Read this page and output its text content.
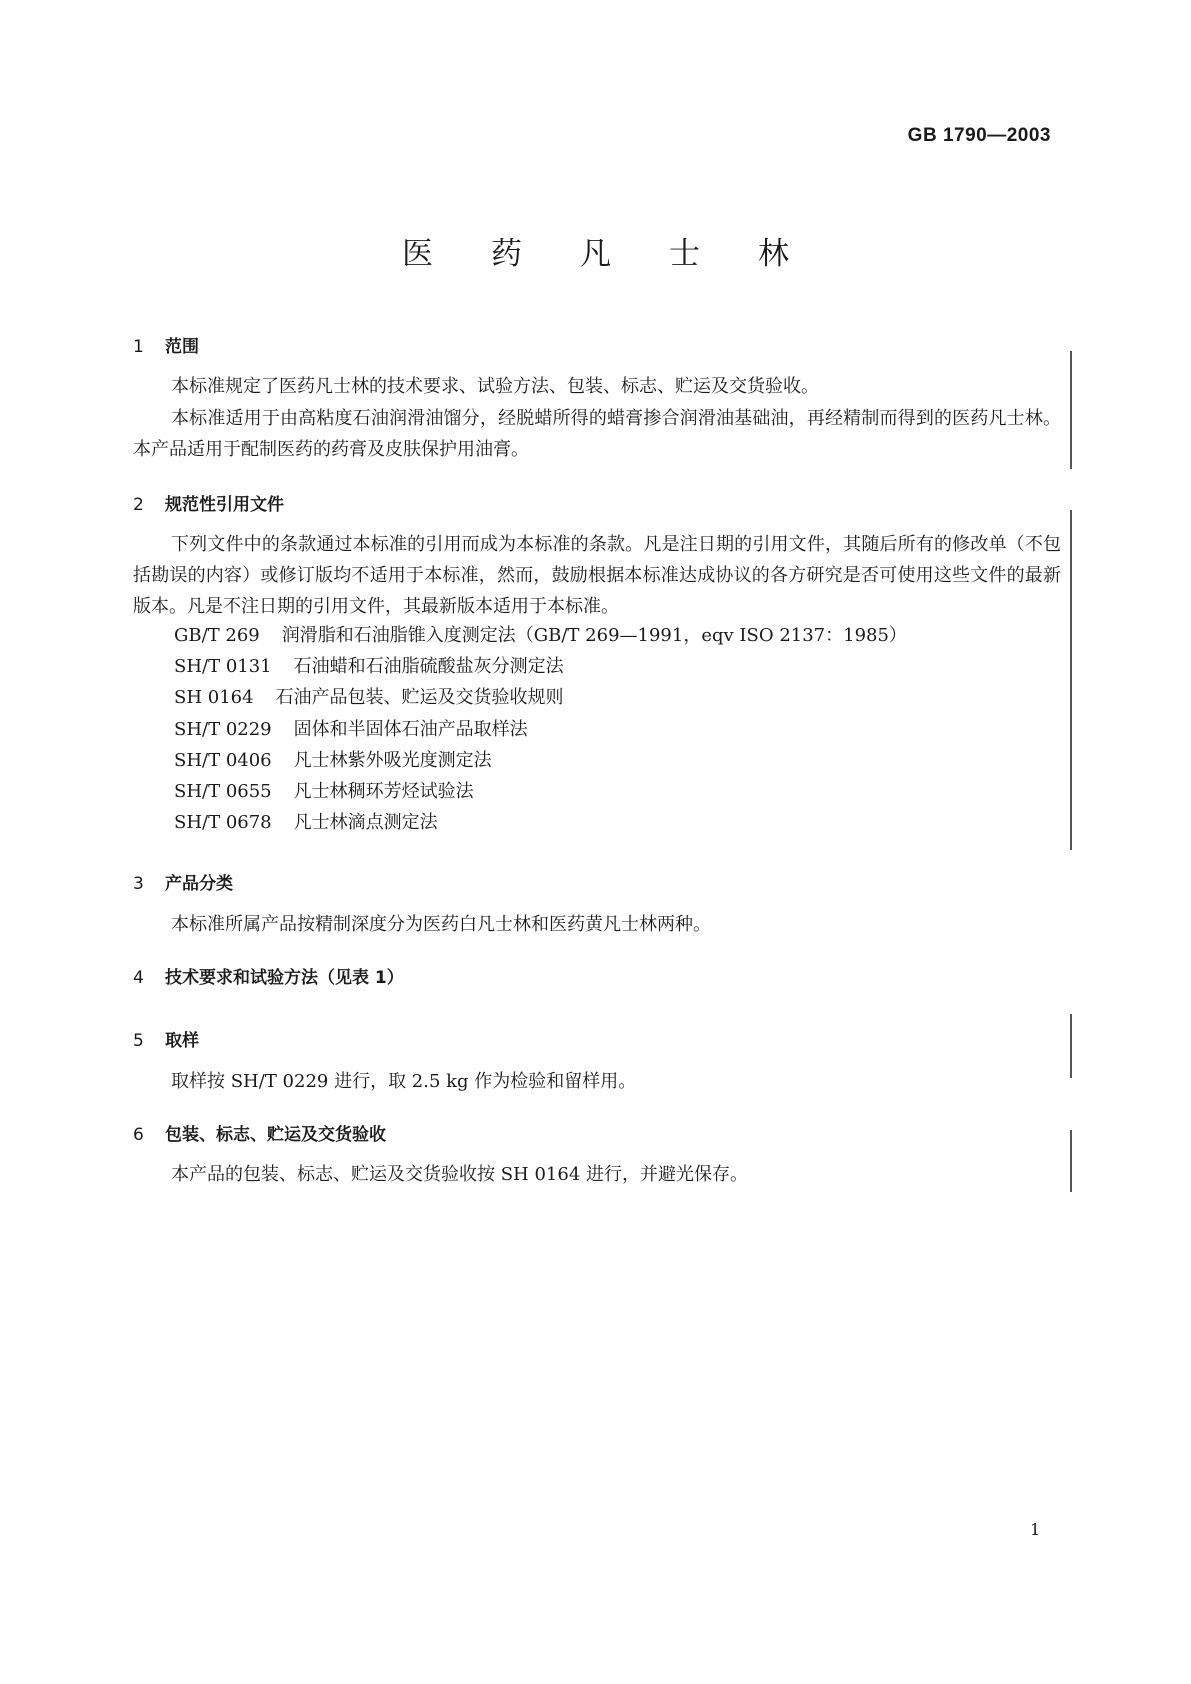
GB 1790—2003
医药凡士林
1 范围

本标准规定了医药凡士林的技术要求、试验方法、包装、标志、贮运及交货验收。

本标准适用于由高粘度石油润滑油馏分，经脱蜡所得的蜡膏掺合润滑油基础油，再经精制而得到的医药凡士林。本产品适用于配制医药的药膏及皮肤保护用油膏。

2 规范性引用文件

下列文件中的条款通过本标准的引用而成为本标准的条款。凡是注日期的引用文件，其随后所有的修改单（不包括勘误的内容）或修订版均不适用于本标准，然而，鼓励根据本标准达成协议的各方研究是否可使用这些文件的最新版本。凡是不注日期的引用文件，其最新版本适用于本标准。

GB/T 269 润滑脂和石油脂锥入度测定法（GB/T 269—1991，eqv ISO 2137：1985）
SH/T 0131 石油蜡和石油脂硫酸盐灰分测定法
SH 0164 石油产品包装、贮运及交货验收规则
SH/T 0229 固体和半固体石油产品取样法
SH/T 0406 凡士林紫外吸光度测定法
SH/T 0655 凡士林稠环芳烃试验法
SH/T 0678 凡士林滴点测定法
3 产品分类

本标准所属产品按精制深度分为医药白凡士林和医药黄凡士林两种。

4 技术要求和试验方法（见表 1）
5 取样

取样按 SH/T 0229 进行，取 2.5 kg 作为检验和留样用。

6 包装、标志、贮运及交货验收

本产品的包装、标志、贮运及交货验收按 SH 0164 进行，并避光保存。

1
